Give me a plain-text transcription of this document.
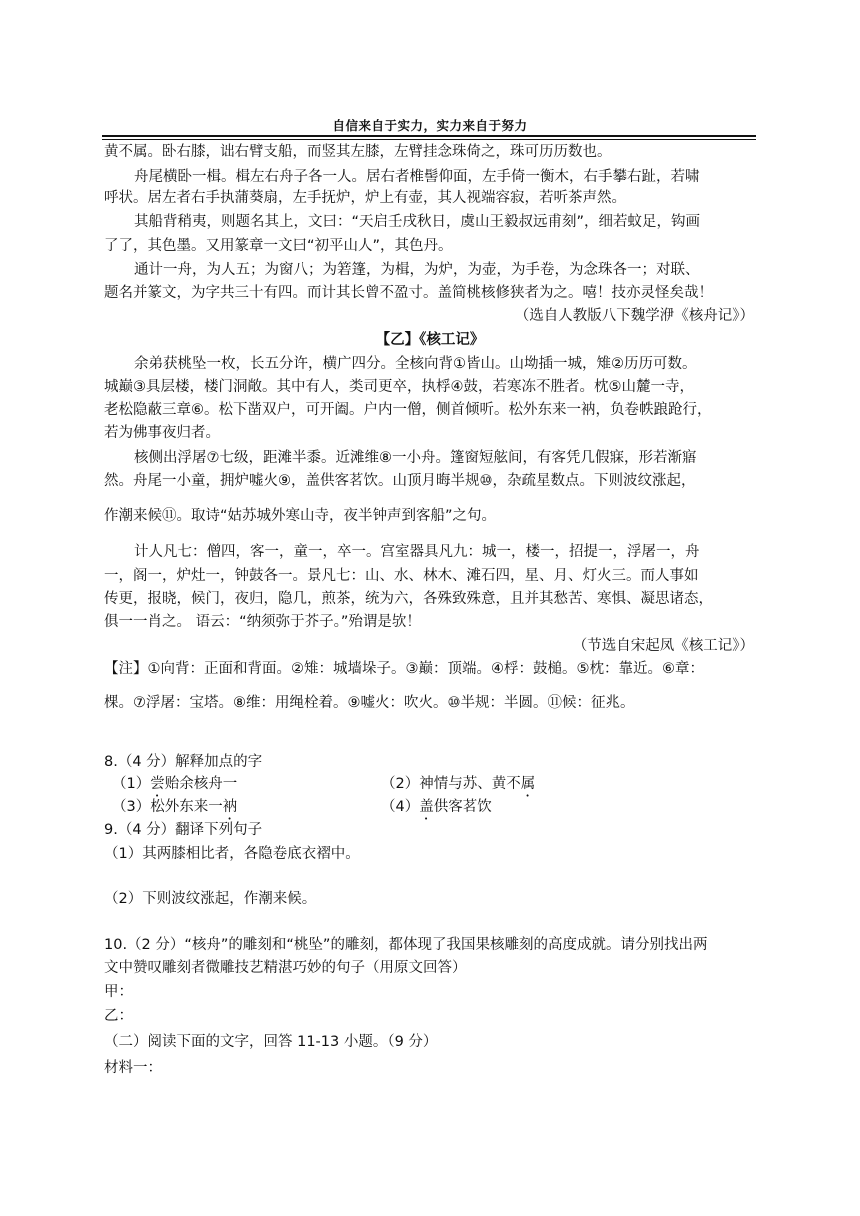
自信来自于实力，实力来自于努力
黄不属。卧右膝，诎右臂支船，而竖其左膝，左臂挂念珠倚之，珠可历历数也。
舟尾横卧一楫。楫左右舟子各一人。居右者椎髻仰面，左手倚一衡木，右手攀右趾，若啸
呼状。居左者右手执蒲葵扇，左手抚炉，炉上有壶，其人视端容寂，若听茶声然。
其船背稍夷，则题名其上，文曰：“天启壬戌秋日，虞山王毅叔远甫刻”，细若蚊足，钩画
了了，其色墨。又用篆章一文曰“初平山人”，其色丹。
通计一舟，为人五；为窗八；为箬篷，为楫，为炉，为壶，为手卷，为念珠各一；对联、
题名并篆文，为字共三十有四。而计其长曾不盈寸。盖简桃核修狭者为之。嘻！技亦灵怪矣哉！
（选自人教版八下魏学洢《核舟记》）
【乙】《核工记》
余弟获桃坠一枚，长五分许，横广四分。全核向背①皆山。山坳插一城，雉②历历可数。
城巅③具层楼，楼门洞敞。其中有人，类司更卒，执桴④鼓，若寒冻不胜者。枕⑤山麓一寺，
老松隐蔽三章⑥。松下凿双户，可开阖。户内一僧，侧首倾听。松外东来一衲，负卷帙踉跄行，
若为佛事夜归者。
核侧出浮屠⑦七级，距滩半黍。近滩维⑧一小舟。篷窗短舷间，有客凭几假寐，形若渐寤
然。舟尾一小童，拥炉嘘火⑨，盖供客茗饮。山顶月晦半规⑩，杂疏星数点。下则波纹涨起，
作潮来候⑪。取诗“姑苏城外寒山寺，夜半钟声到客船”之句。
计人凡七：僧四，客一，童一，卒一。宫室器具凡九：城一，楼一，招提一，浮屠一，舟
一，阁一，炉灶一，钟鼓各一。景凡七：山、水、林木、滩石四，星、月、灯火三。而人事如
传更，报晓，候门，夜归，隐几，煎茶，统为六，各殊致殊意，且并其愁苦、寒惧、凝思诸态，
俱一一肖之。 语云：“纳须弥于芥子。”殆谓是欤！
（节选自宋起凤《核工记》）
【注】①向背：正面和背面。②雉：城墙垛子。③巅：顶端。④桴：鼓槌。⑤枕：靠近。⑥章：
棵。⑦浮屠：宝塔。⑧维：用绳栓着。⑨嘘火：吹火。⑩半规：半圆。⑪候：征兆。
8.（4 分）解释加点的字
（1）尝贻余核舟一	（2）神情与苏、黄不属
（3）松外东来一衲	（4）盖供客茗饮
9.（4 分）翻译下列句子
（1）其两膝相比者，各隐卷底衣褶中。
（2）下则波纹涨起，作潮来候。
10.（2 分）“核舟”的雕刻和“桃坠”的雕刻，都体现了我国果核雕刻的高度成就。请分别找出两
文中赞叹雕刻者微雕技艺精湛巧妙的句子（用原文回答）
甲：
乙：
（二）阅读下面的文字，回答 11-13 小题。（9 分）
材料一：
